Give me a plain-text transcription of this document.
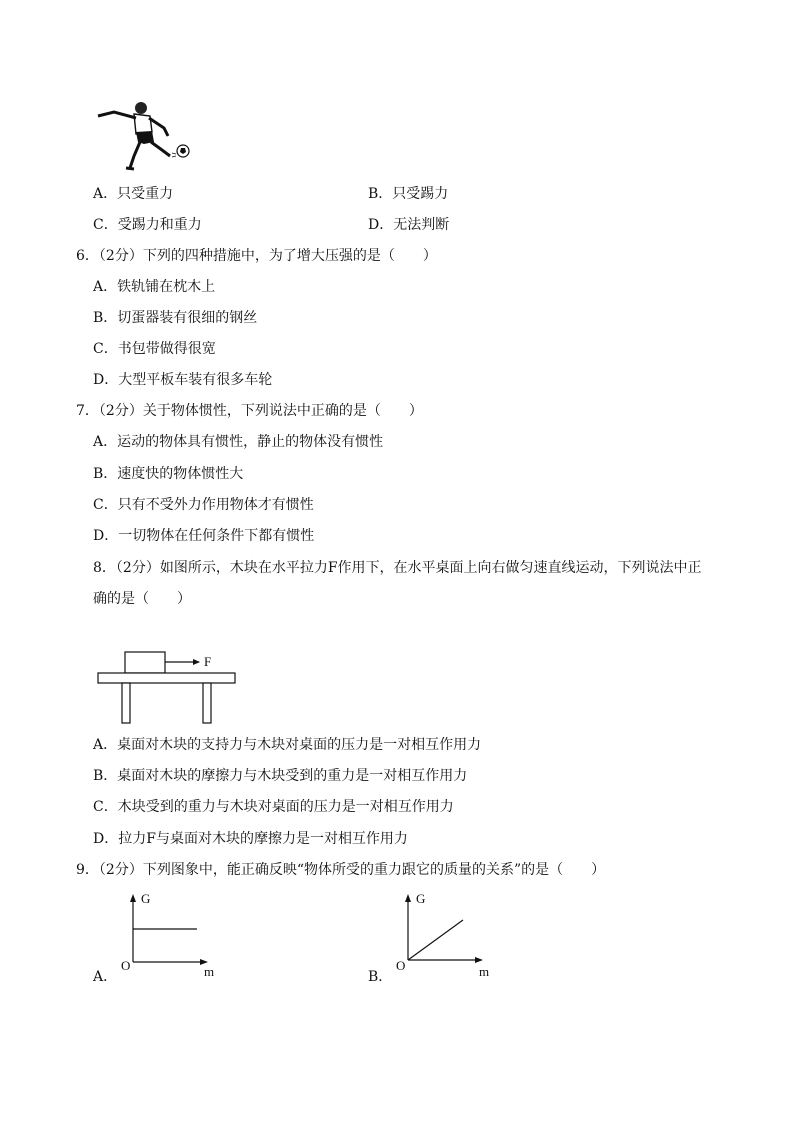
A．只受重力	B．只受踢力
C．受踢力和重力	D．无法判断
6．（2分）下列的四种措施中，为了增大压强的是（　　）
A．铁轨铺在枕木上
B．切蛋器装有很细的钢丝
C．书包带做得很宽
D．大型平板车装有很多车轮
7．（2分）关于物体惯性，下列说法中正确的是（　　）
A．运动的物体具有惯性，静止的物体没有惯性
B．速度快的物体惯性大
C．只有不受外力作用物体才有惯性
D．一切物体在任何条件下都有惯性
8．（2分）如图所示，木块在水平拉力F作用下，在水平桌面上向右做匀速直线运动，下列说法中正
确的是（　　）
F
A．桌面对木块的支持力与木块对桌面的压力是一对相互作用力
B．桌面对木块的摩擦力与木块受到的重力是一对相互作用力
C．木块受到的重力与木块对桌面的压力是一对相互作用力
D．拉力F与桌面对木块的摩擦力是一对相互作用力
9．（2分）下列图象中，能正确反映“物体所受的重力跟它的质量的关系”的是（　　）
G
O	m
A．
G
O	m
B．
